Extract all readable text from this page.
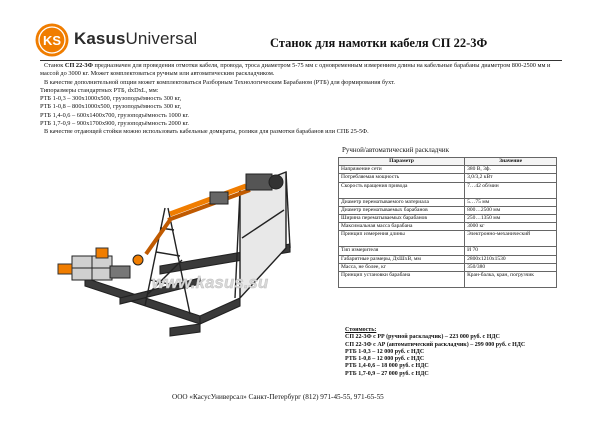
KS KasusUniversal	Станок для намотки кабеля СП 22-3Ф

Станок СП 22-3Ф предназначен для проведения отмотки кабеля, провода, троса диаметром 5-75 мм с одновременным измерением длины на кабельные барабаны диаметром 800-2500 мм и массой до 3000 кг. Может комплектоваться ручным или автоматическим раскладчиком.

В качестве дополнительной опции может комплектоваться Разборным Технологическим Барабаном (РТБ) для формирования бухт.

Типоразмеры стандартных РТБ, dxDxL, мм:

РТБ 1-0,3 – 300х1000х500, грузоподъёмность 300 кг,

РТБ 1-0,8 – 800х1000х500, грузоподъёмность 300 кг,

РТБ 1,4-0,6 – 600х1400х700, грузоподъёмность 1000 кг.

РТБ 1,7-0,9 – 900х1700х900, грузоподъёмность 2000 кг.

В качестве отдающей стойки можно использовать кабельные домкраты, ролики для размотки барабанов или СПБ 25-5Ф.

Ручной/автоматический раскладчик
Параметр	Значение
Напряжение сети	380 В, 3ф.
Потребляемая мощность	3,0/3,2 кВт
Скорость вращения привода	7…42 об/мин
Диаметр перематываемого материала	5…75 мм
Диаметр перематываемых барабанов	800…2500 мм
Ширина перематываемых барабанов	250…1350 мм
Максимальная масса барабана	3000 кг
Принцип измерения длины	Электронно-механический
Тип измерителя	И 70
Габаритные размеры, ДхШхВ, мм	2800х1210х1530
Масса, не более, кг	350/380
Принцип установки барабана	Кран-балка, кран, погрузчик
www.kasus.su

Стоимость:

СП 22-3Ф с РР (ручной раскладчик) – 223 000 руб. с НДС

СП 22-3Ф с АР (автоматический раскладчик) – 299 000 руб. с НДС

РТБ 1-0,3 – 12 000 руб. с НДС

РТБ 1-0,8 – 12 000 руб. с НДС

РТБ 1,4-0,6 – 18 000 руб. с НДС

РТБ 1,7-0,9 – 27 000 руб. с НДС

ООО «КасусУниверсал» Санкт-Петербург (812) 971-45-55, 971-65-55
